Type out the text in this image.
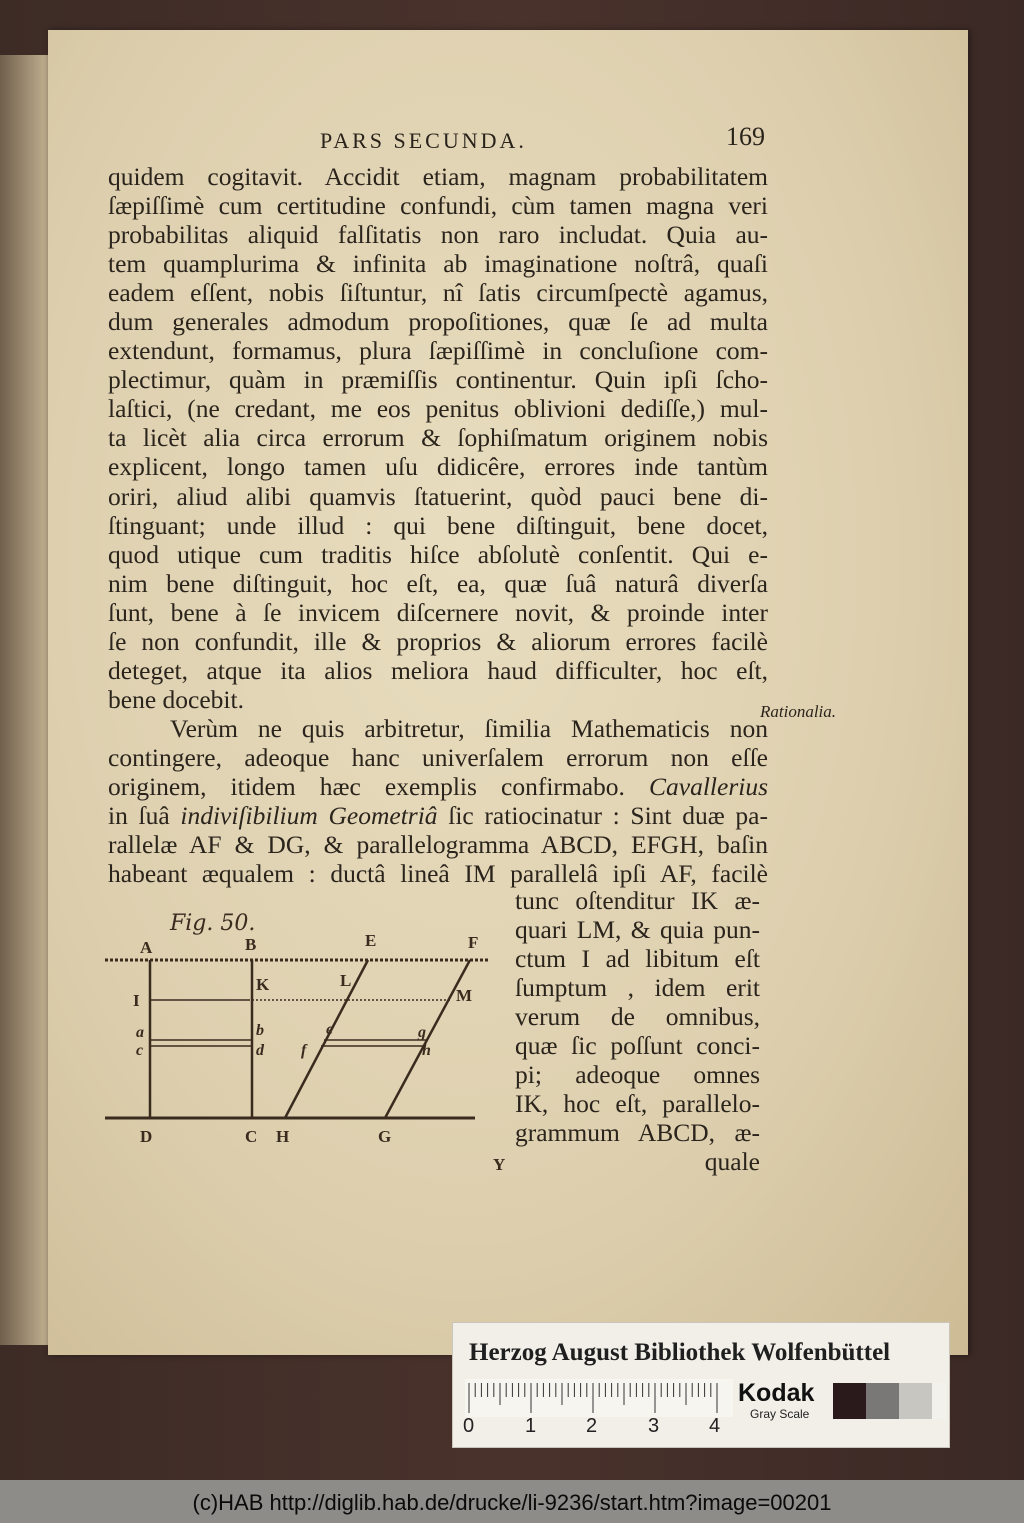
PARS SECUNDA.	169
quidem cogitavit. Accidit etiam, magnam probabilitatem
ſæpiſſimè cum certitudine confundi, cùm tamen magna veri
probabilitas aliquid falſitatis non raro includat. Quia au-
tem quamplurima & infinita ab imaginatione noſtrâ, quaſi
eadem eſſent, nobis ſiſtuntur, nî ſatis circumſpectè agamus,
dum generales admodum propoſitiones, quæ ſe ad multa
extendunt, formamus, plura ſæpiſſimè in concluſione com-
plectimur, quàm in præmiſſis continentur. Quin ipſi ſcho-
laſtici, (ne credant, me eos penitus oblivioni dediſſe,) mul-
ta licèt alia circa errorum & ſophiſmatum originem nobis
explicent, longo tamen uſu didicêre, errores inde tantùm
oriri, aliud alibi quamvis ſtatuerint, quòd pauci bene di-
ſtinguant; unde illud : qui bene diſtinguit, bene docet,
quod utique cum traditis hiſce abſolutè conſentit. Qui e-
nim bene diſtinguit, hoc eſt, ea, quæ ſuâ naturâ diverſa
ſunt, bene à ſe invicem diſcernere novit, & proinde inter
ſe non confundit, ille & proprios & aliorum errores facilè
deteget, atque ita alios meliora haud difficulter, hoc eſt,
bene docebit.
Verùm ne quis arbitretur, ſimilia Mathematicis non
contingere, adeoque hanc univerſalem errorum non eſſe
originem, itidem hæc exemplis confirmabo. Cavallerius
in ſuâ indiviſibilium Geometriâ ſic ratiocinatur : Sint duæ pa-
rallelæ AF & DG, & parallelogramma ABCD, EFGH, baſin
habeant æqualem : ductâ lineâ IM parallelâ ipſi AF, facilè
Rationalia.
tunc oſtenditur IK æ-
quari LM, & quia pun-
ctum I ad libitum eſt
ſumptum , idem erit
verum de omnibus,
quæ ſic poſſunt conci-
pi; adeoque omnes
IK, hoc eſt, parallelo-
grammum ABCD, æ-
quale
Fig. 50.
A	B	E	F
I
K	L
M
a	b
c	d
e
f
g
h
D	C H	G
Y
Herzog August Bibliothek Wolfenbüttel
0	1 2	3 4
Kodak
Gray Scale
(c)HAB http://diglib.hab.de/drucke/li-9236/start.htm?image=00201
